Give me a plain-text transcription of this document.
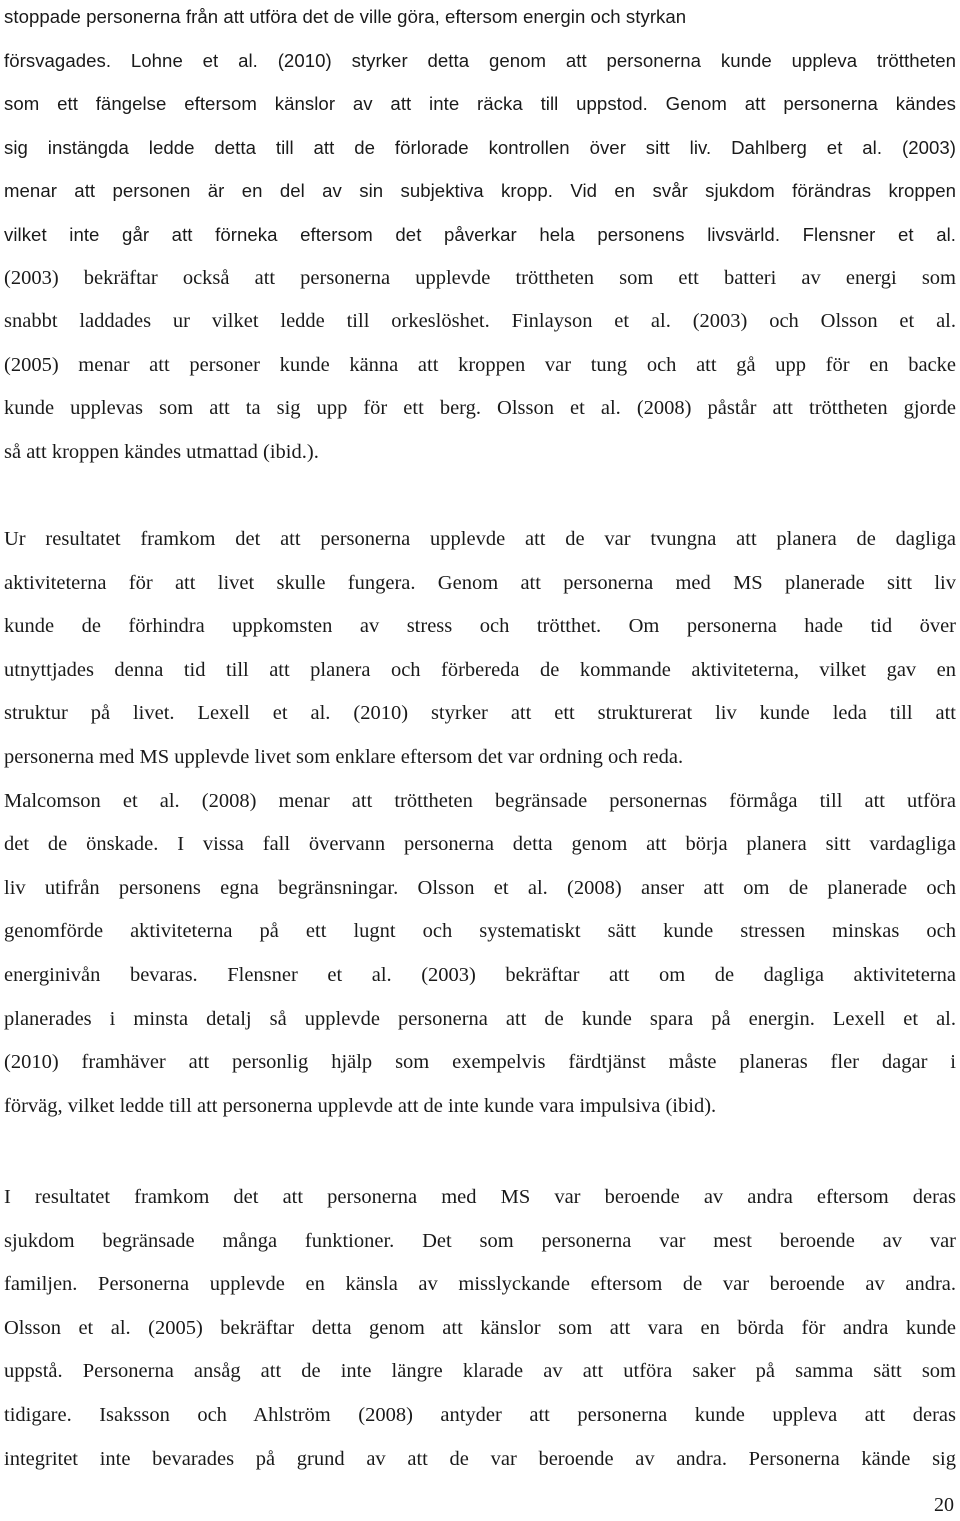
stoppade personerna från att utföra det de ville göra, eftersom energin och styrkan
försvagades. Lohne et al. (2010) styrker detta genom att personerna kunde uppleva tröttheten
som ett fängelse eftersom känslor av att inte räcka till uppstod. Genom att personerna kändes
sig instängda ledde detta till att de förlorade kontrollen över sitt liv. Dahlberg et al. (2003)
menar att personen är en del av sin subjektiva kropp. Vid en svår sjukdom förändras kroppen
vilket inte går att förneka eftersom det påverkar hela personens livsvärld. Flensner et al.
(2003) bekräftar också att personerna upplevde tröttheten som ett batteri av energi som
snabbt laddades ur vilket ledde till orkeslöshet. Finlayson et al. (2003) och Olsson et al.
(2005) menar att personer kunde känna att kroppen var tung och att gå upp för en backe
kunde upplevas som att ta sig upp för ett berg. Olsson et al. (2008) påstår att tröttheten gjorde
så att kroppen kändes utmattad (ibid.).
Ur resultatet framkom det att personerna upplevde att de var tvungna att planera de dagliga
aktiviteterna för att livet skulle fungera. Genom att personerna med MS planerade sitt liv
kunde de förhindra uppkomsten av stress och trötthet. Om personerna hade tid över
utnyttjades denna tid till att planera och förbereda de kommande aktiviteterna, vilket gav en
struktur på livet. Lexell et al. (2010) styrker att ett strukturerat liv kunde leda till att
personerna med MS upplevde livet som enklare eftersom det var ordning och reda.
Malcomson et al. (2008) menar att tröttheten begränsade personernas förmåga till att utföra
det de önskade. I vissa fall övervann personerna detta genom att börja planera sitt vardagliga
liv utifrån personens egna begränsningar. Olsson et al. (2008) anser att om de planerade och
genomförde aktiviteterna på ett lugnt och systematiskt sätt kunde stressen minskas och
energinivån bevaras. Flensner et al. (2003) bekräftar att om de dagliga aktiviteterna
planerades i minsta detalj så upplevde personerna att de kunde spara på energin. Lexell et al.
(2010) framhäver att personlig hjälp som exempelvis färdtjänst måste planeras fler dagar i
förväg, vilket ledde till att personerna upplevde att de inte kunde vara impulsiva (ibid).
I resultatet framkom det att personerna med MS var beroende av andra eftersom deras
sjukdom begränsade många funktioner. Det som personerna var mest beroende av var
familjen. Personerna upplevde en känsla av misslyckande eftersom de var beroende av andra.
Olsson et al. (2005) bekräftar detta genom att känslor som att vara en börda för andra kunde
uppstå. Personerna ansåg att de inte längre klarade av att utföra saker på samma sätt som
tidigare. Isaksson och Ahlström (2008) antyder att personerna kunde uppleva att deras
integritet inte bevarades på grund av att de var beroende av andra. Personerna kände sig
20
